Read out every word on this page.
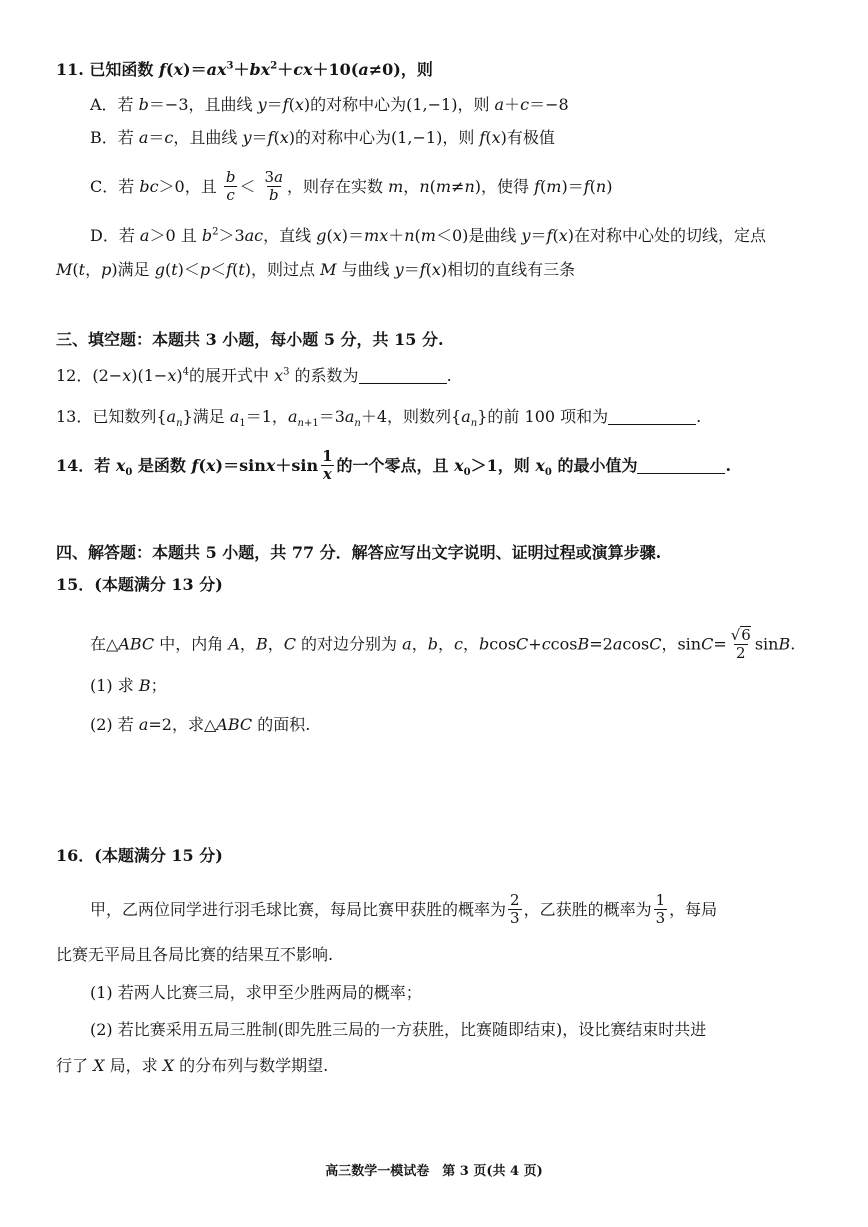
11. 已知函数 $f(x)=ax^3+bx^2+cx+10(a\ne 0)$，则
A．若 b＝−3，且曲线 y＝f(x)的对称中心为(1,−1)，则 a＋c＝−8
B．若 a＝c，且曲线 y＝f(x)的对称中心为(1,−1)，则 f(x)有极值
C．若 bc＞0，且 $\frac{b}{c} < \frac{3a}{b}$ ，则存在实数 m，n(m≠n)，使得 f(m)＝f(n)
D．若 a＞0 且 $b^2>3ac$，直线 g(x)＝mx＋n(m＜0)是曲线 y＝f(x)在对称中心处的切线，定点
M(t，p)满足 g(t)＜p＜f(t)，则过点 M 与曲线 y＝f(x)相切的直线有三条
三、填空题：本题共 3 小题，每小题 5 分，共 15 分.
12．$(2-x)(1-x)^4$的展开式中 $x^3$ 的系数为	.
13．已知数列$\{a_n\}$满足 $a_1=1$，$a_{n+1}=3a_n+4$，则数列$\{a_n\}$的前 100 项和为	.
14．若 $x_0$ 是函数 $f(x)=\sin x+\sin \frac{1}{x}$ 的一个零点，且 $x_0>1$，则 $x_0$ 的最小值为	.
四、解答题：本题共 5 小题，共 77 分．解答应写出文字说明、证明过程或演算步骤.
15．(本题满分 13 分)
在△ABC 中，内角 A，B，C 的对边分别为 a，b，c，bcosC+ccosB=2acosC，$\sin C= \frac{√6}{2} \sin B$.
(1) 求 B；
(2) 若 a=2，求△ABC 的面积.
16．(本题满分 15 分)
甲，乙两位同学进行羽毛球比赛，每局比赛甲获胜的概率为 $\frac{2}{3}$ ，乙获胜的概率为 $\frac{1}{3}$ ，每局
比赛无平局且各局比赛的结果互不影响.
(1) 若两人比赛三局，求甲至少胜两局的概率；
(2) 若比赛采用五局三胜制(即先胜三局的一方获胜，比赛随即结束)，设比赛结束时共进
行了 X 局，求 X 的分布列与数学期望.
高三数学一模试卷　第 3 页(共 4 页)
